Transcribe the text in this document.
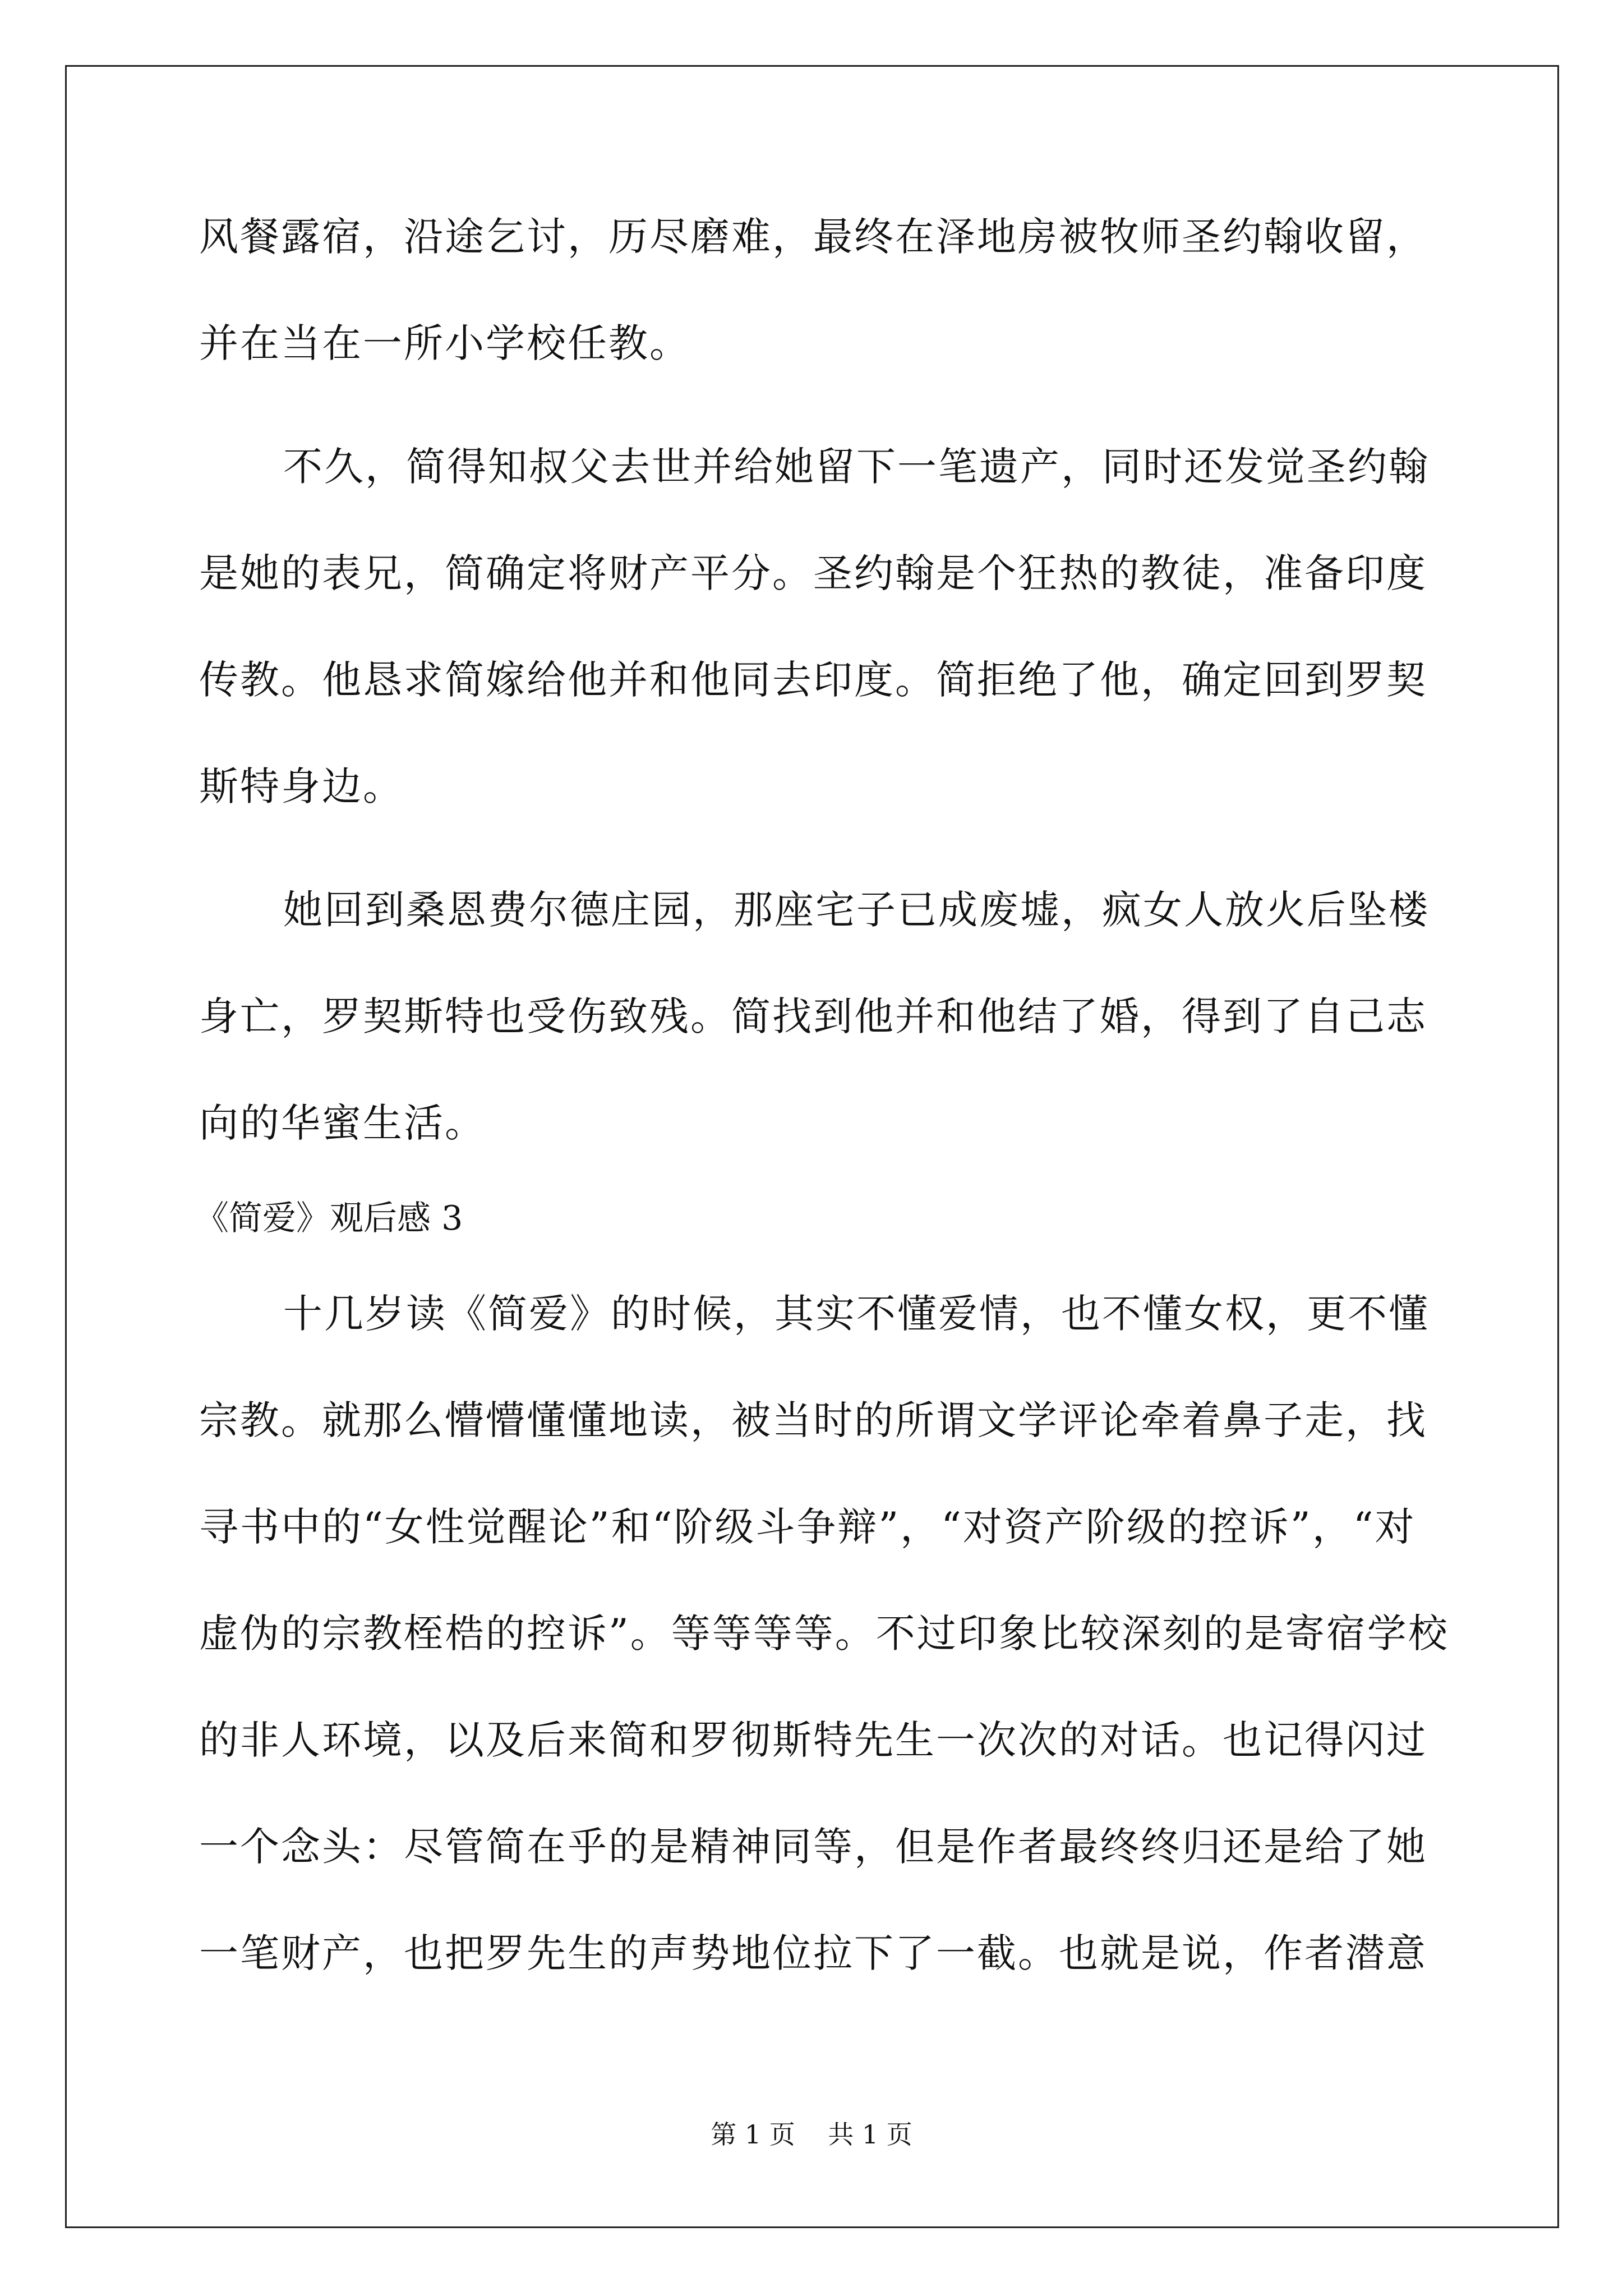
风餐露宿，沿途乞讨，历尽磨难，最终在泽地房被牧师圣约翰收留，
并在当在一所小学校任教。
不久，简得知叔父去世并给她留下一笔遗产，同时还发觉圣约翰
是她的表兄，简确定将财产平分。圣约翰是个狂热的教徒，准备印度
传教。他恳求简嫁给他并和他同去印度。简拒绝了他，确定回到罗契
斯特身边。
她回到桑恩费尔德庄园，那座宅子已成废墟，疯女人放火后坠楼
身亡，罗契斯特也受伤致残。简找到他并和他结了婚，得到了自己志
向的华蜜生活。
《简爱》观后感 3
十几岁读《简爱》的时候，其实不懂爱情，也不懂女权，更不懂
宗教。就那么懵懵懂懂地读，被当时的所谓文学评论牵着鼻子走，找
寻书中的“女性觉醒论”和“阶级斗争辩”，“对资产阶级的控诉”，“对
虚伪的宗教桎梏的控诉”。等等等等。不过印象比较深刻的是寄宿学校
的非人环境，以及后来简和罗彻斯特先生一次次的对话。也记得闪过
一个念头：尽管简在乎的是精神同等，但是作者最终终归还是给了她
一笔财产，也把罗先生的声势地位拉下了一截。也就是说，作者潜意
第 1 页    共 1 页
